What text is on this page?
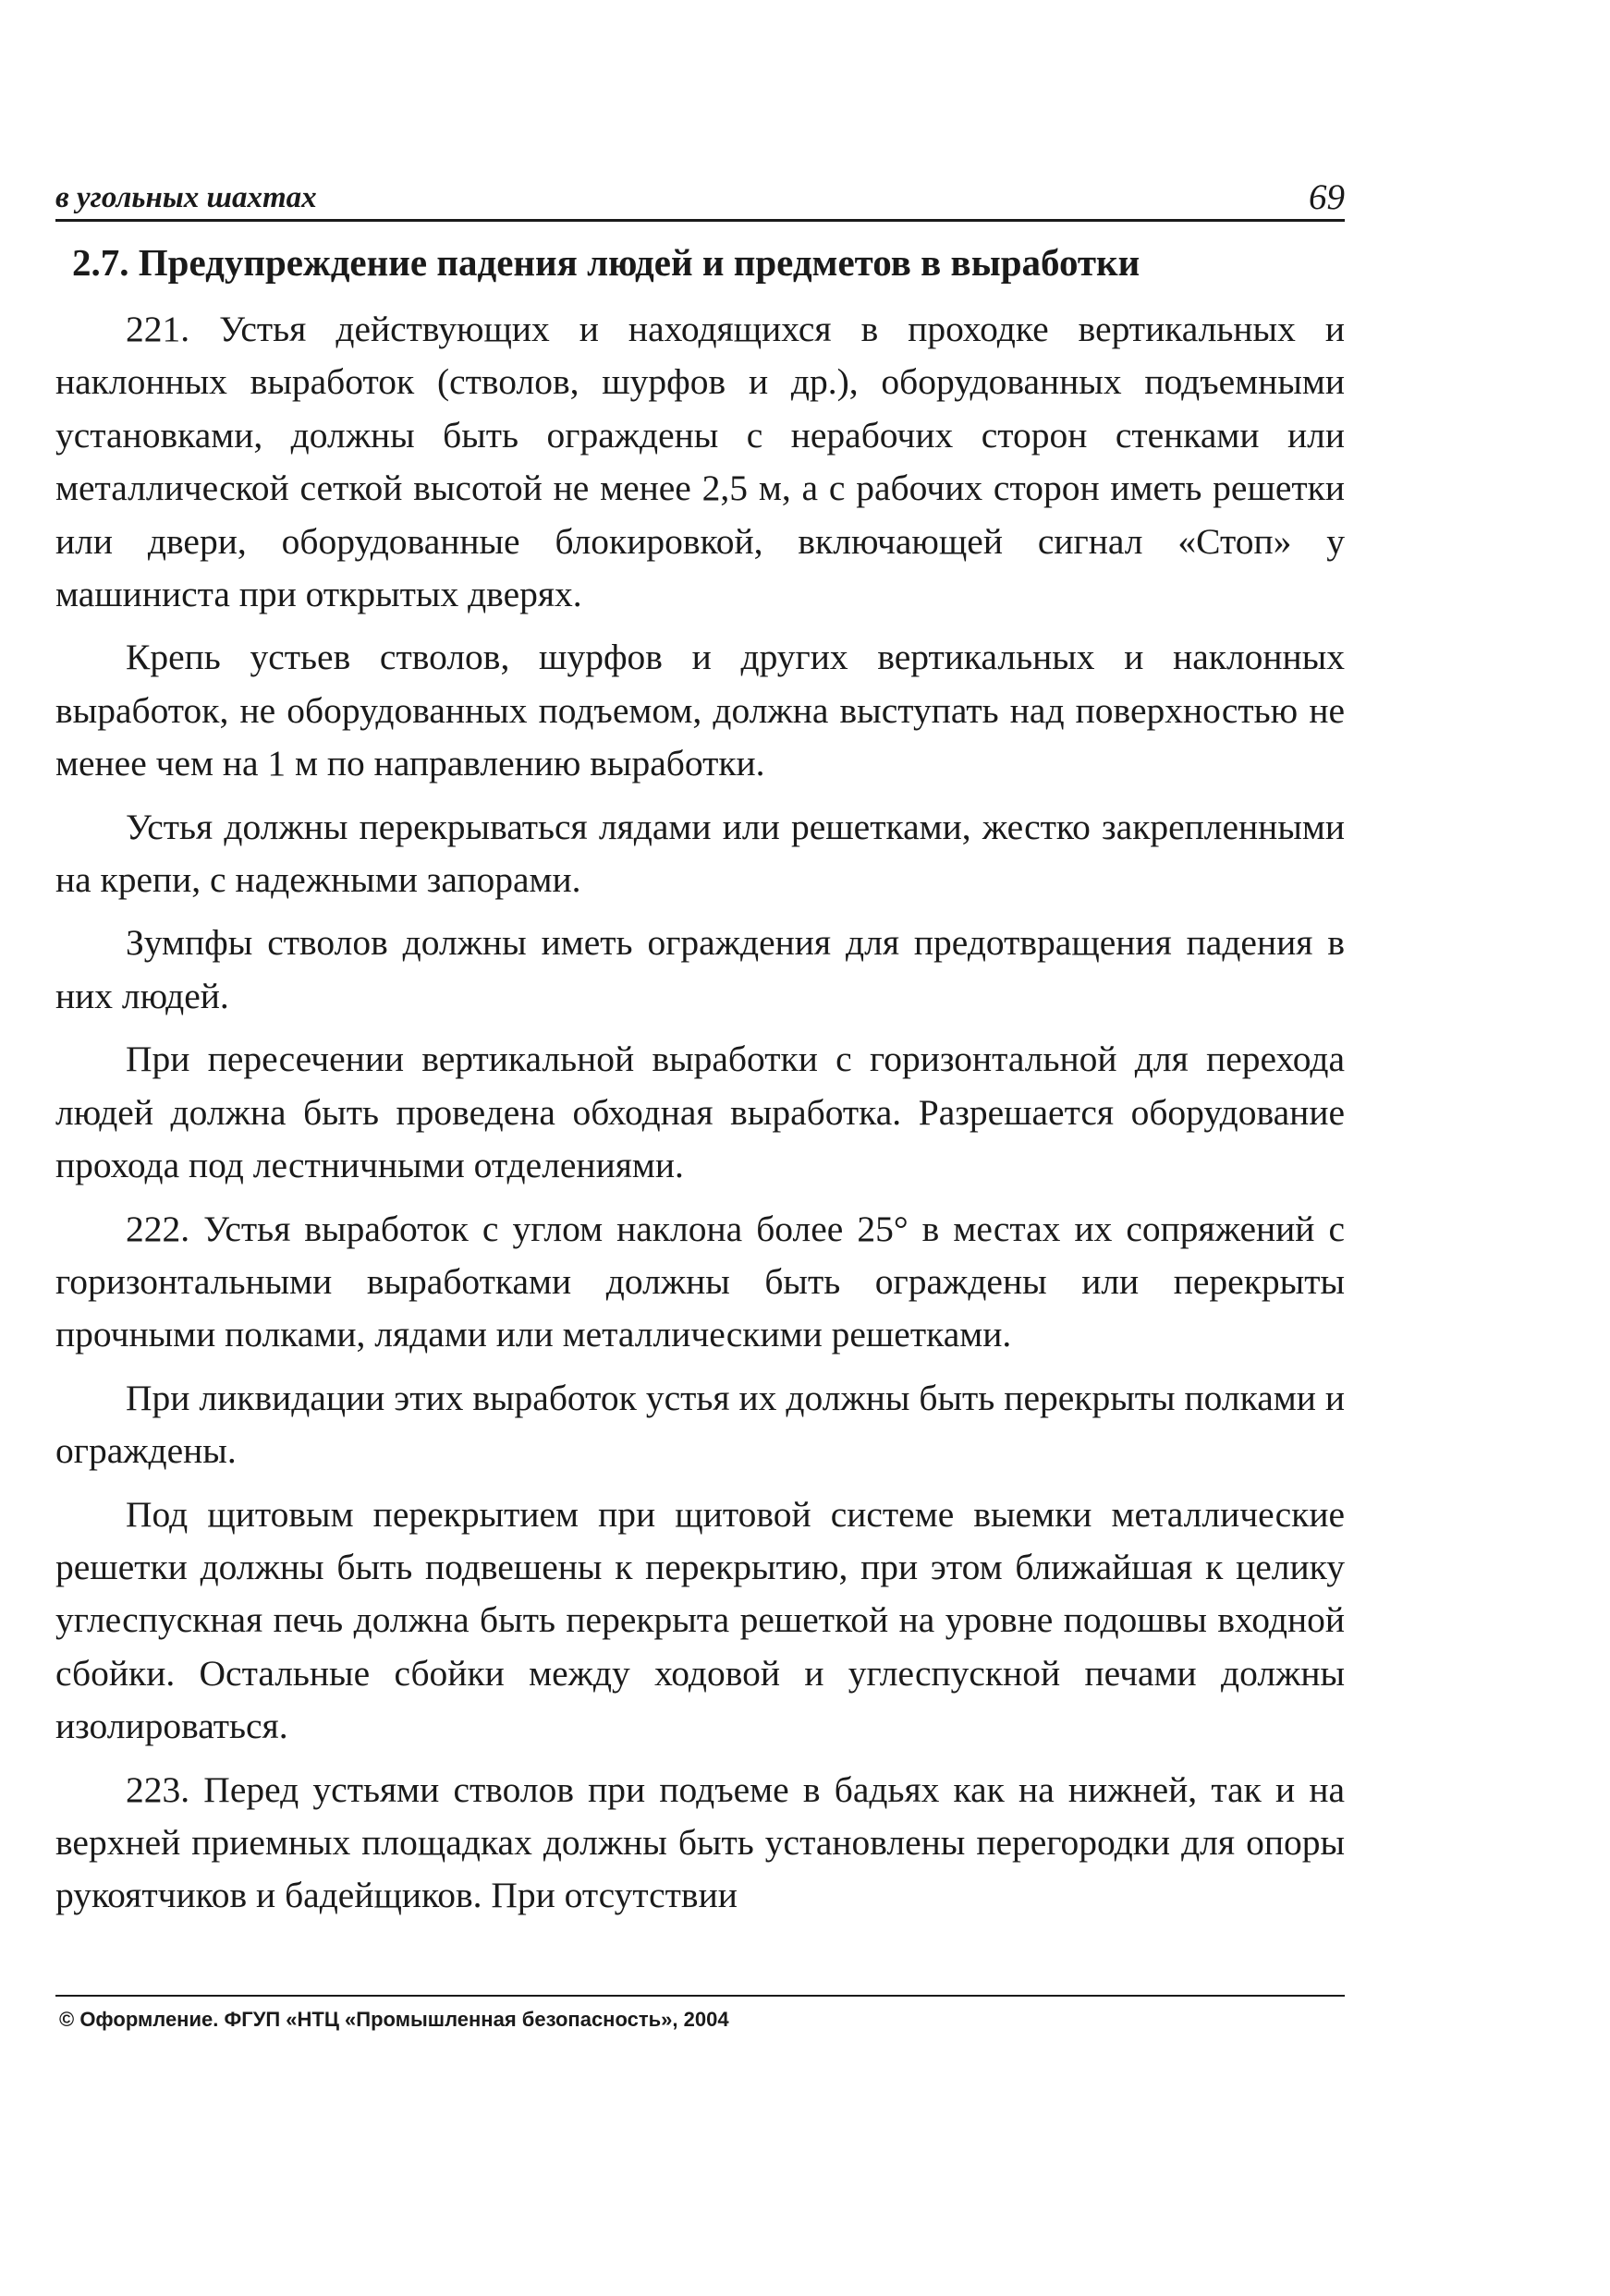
в угольных шахтах	69
2.7. Предупреждение падения людей и предметов в выработки

221. Устья действующих и находящихся в проходке вертикальных и наклонных выработок (стволов, шурфов и др.), оборудованных подъемными установками, должны быть ограждены с нерабочих сторон стенками или металлической сеткой высотой не менее 2,5 м, а с рабочих сторон иметь решетки или двери, оборудованные блокировкой, включающей сигнал «Стоп» у машиниста при открытых дверях.

Крепь устьев стволов, шурфов и других вертикальных и наклонных выработок, не оборудованных подъемом, должна выступать над поверхностью не менее чем на 1 м по направлению выработки.

Устья должны перекрываться лядами или решетками, жестко закрепленными на крепи, с надежными запорами.

Зумпфы стволов должны иметь ограждения для предотвращения падения в них людей.

При пересечении вертикальной выработки с горизонтальной для перехода людей должна быть проведена обходная выработка. Разрешается оборудование прохода под лестничными отделениями.

222. Устья выработок с углом наклона более 25° в местах их сопряжений с горизонтальными выработками должны быть ограждены или перекрыты прочными полками, лядами или металлическими решетками.

При ликвидации этих выработок устья их должны быть перекрыты полками и ограждены.

Под щитовым перекрытием при щитовой системе выемки металлические решетки должны быть подвешены к перекрытию, при этом ближайшая к целику углеспускная печь должна быть перекрыта решеткой на уровне подошвы входной сбойки. Остальные сбойки между ходовой и углеспускной печами должны изолироваться.

223. Перед устьями стволов при подъеме в бадьях как на нижней, так и на верхней приемных площадках должны быть установлены перегородки для опоры рукоятчиков и бадейщиков. При отсутствии

© Оформление. ФГУП «НТЦ «Промышленная безопасность», 2004
